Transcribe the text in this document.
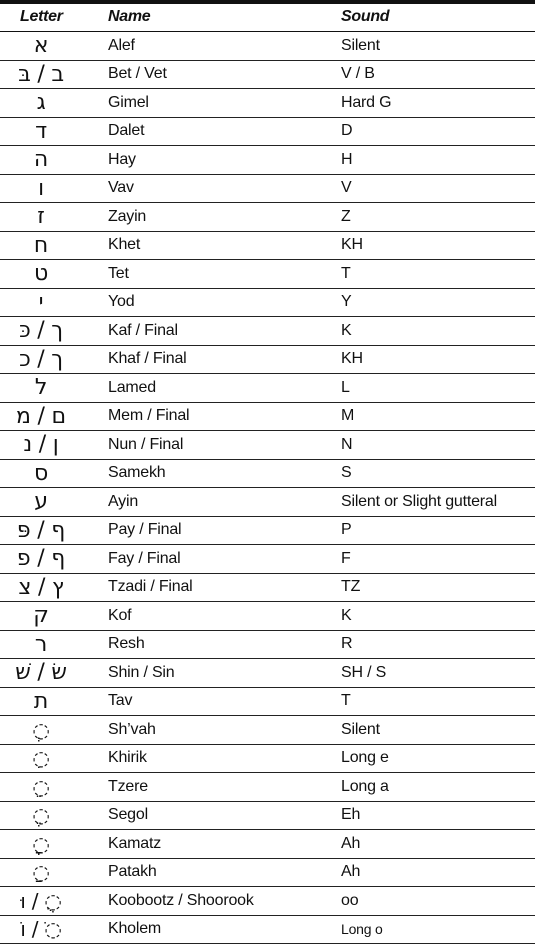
Letter	Name	Sound
א	Alef	Silent
ב / בּ	Bet / Vet	V / B
ג	Gimel	Hard G
ד	Dalet	D
ה	Hay	H
ו	Vav	V
ז	Zayin	Z
ח	Khet	KH
ט	Tet	T
י	Yod	Y
ך / כּ	Kaf / Final	K
ך / כ	Khaf / Final	KH
ל	Lamed	L
ם / מ	Mem / Final	M
ן / נ	Nun / Final	N
ס	Samekh	S
ע	Ayin	Silent or Slight gutteral
ף / פּ	Pay / Final	P
ף / פ	Fay / Final	F
ץ / צ	Tzadi / Final	TZ
ק	Kof	K
ר	Resh	R
שׂ / שׁ	Shin / Sin	SH / S
ת	Tav	T
◌ְ	Sh’vah	Silent
◌ִ	Khirik	Long e
◌ֵ	Tzere	Long a
◌ֶ	Segol	Eh
◌ָ	Kamatz	Ah
◌ַ	Patakh	Ah
וּ / ◌ֻ	Koobootz / Shoorook	oo
וֹ / ◌ֹ	Kholem	Long o
